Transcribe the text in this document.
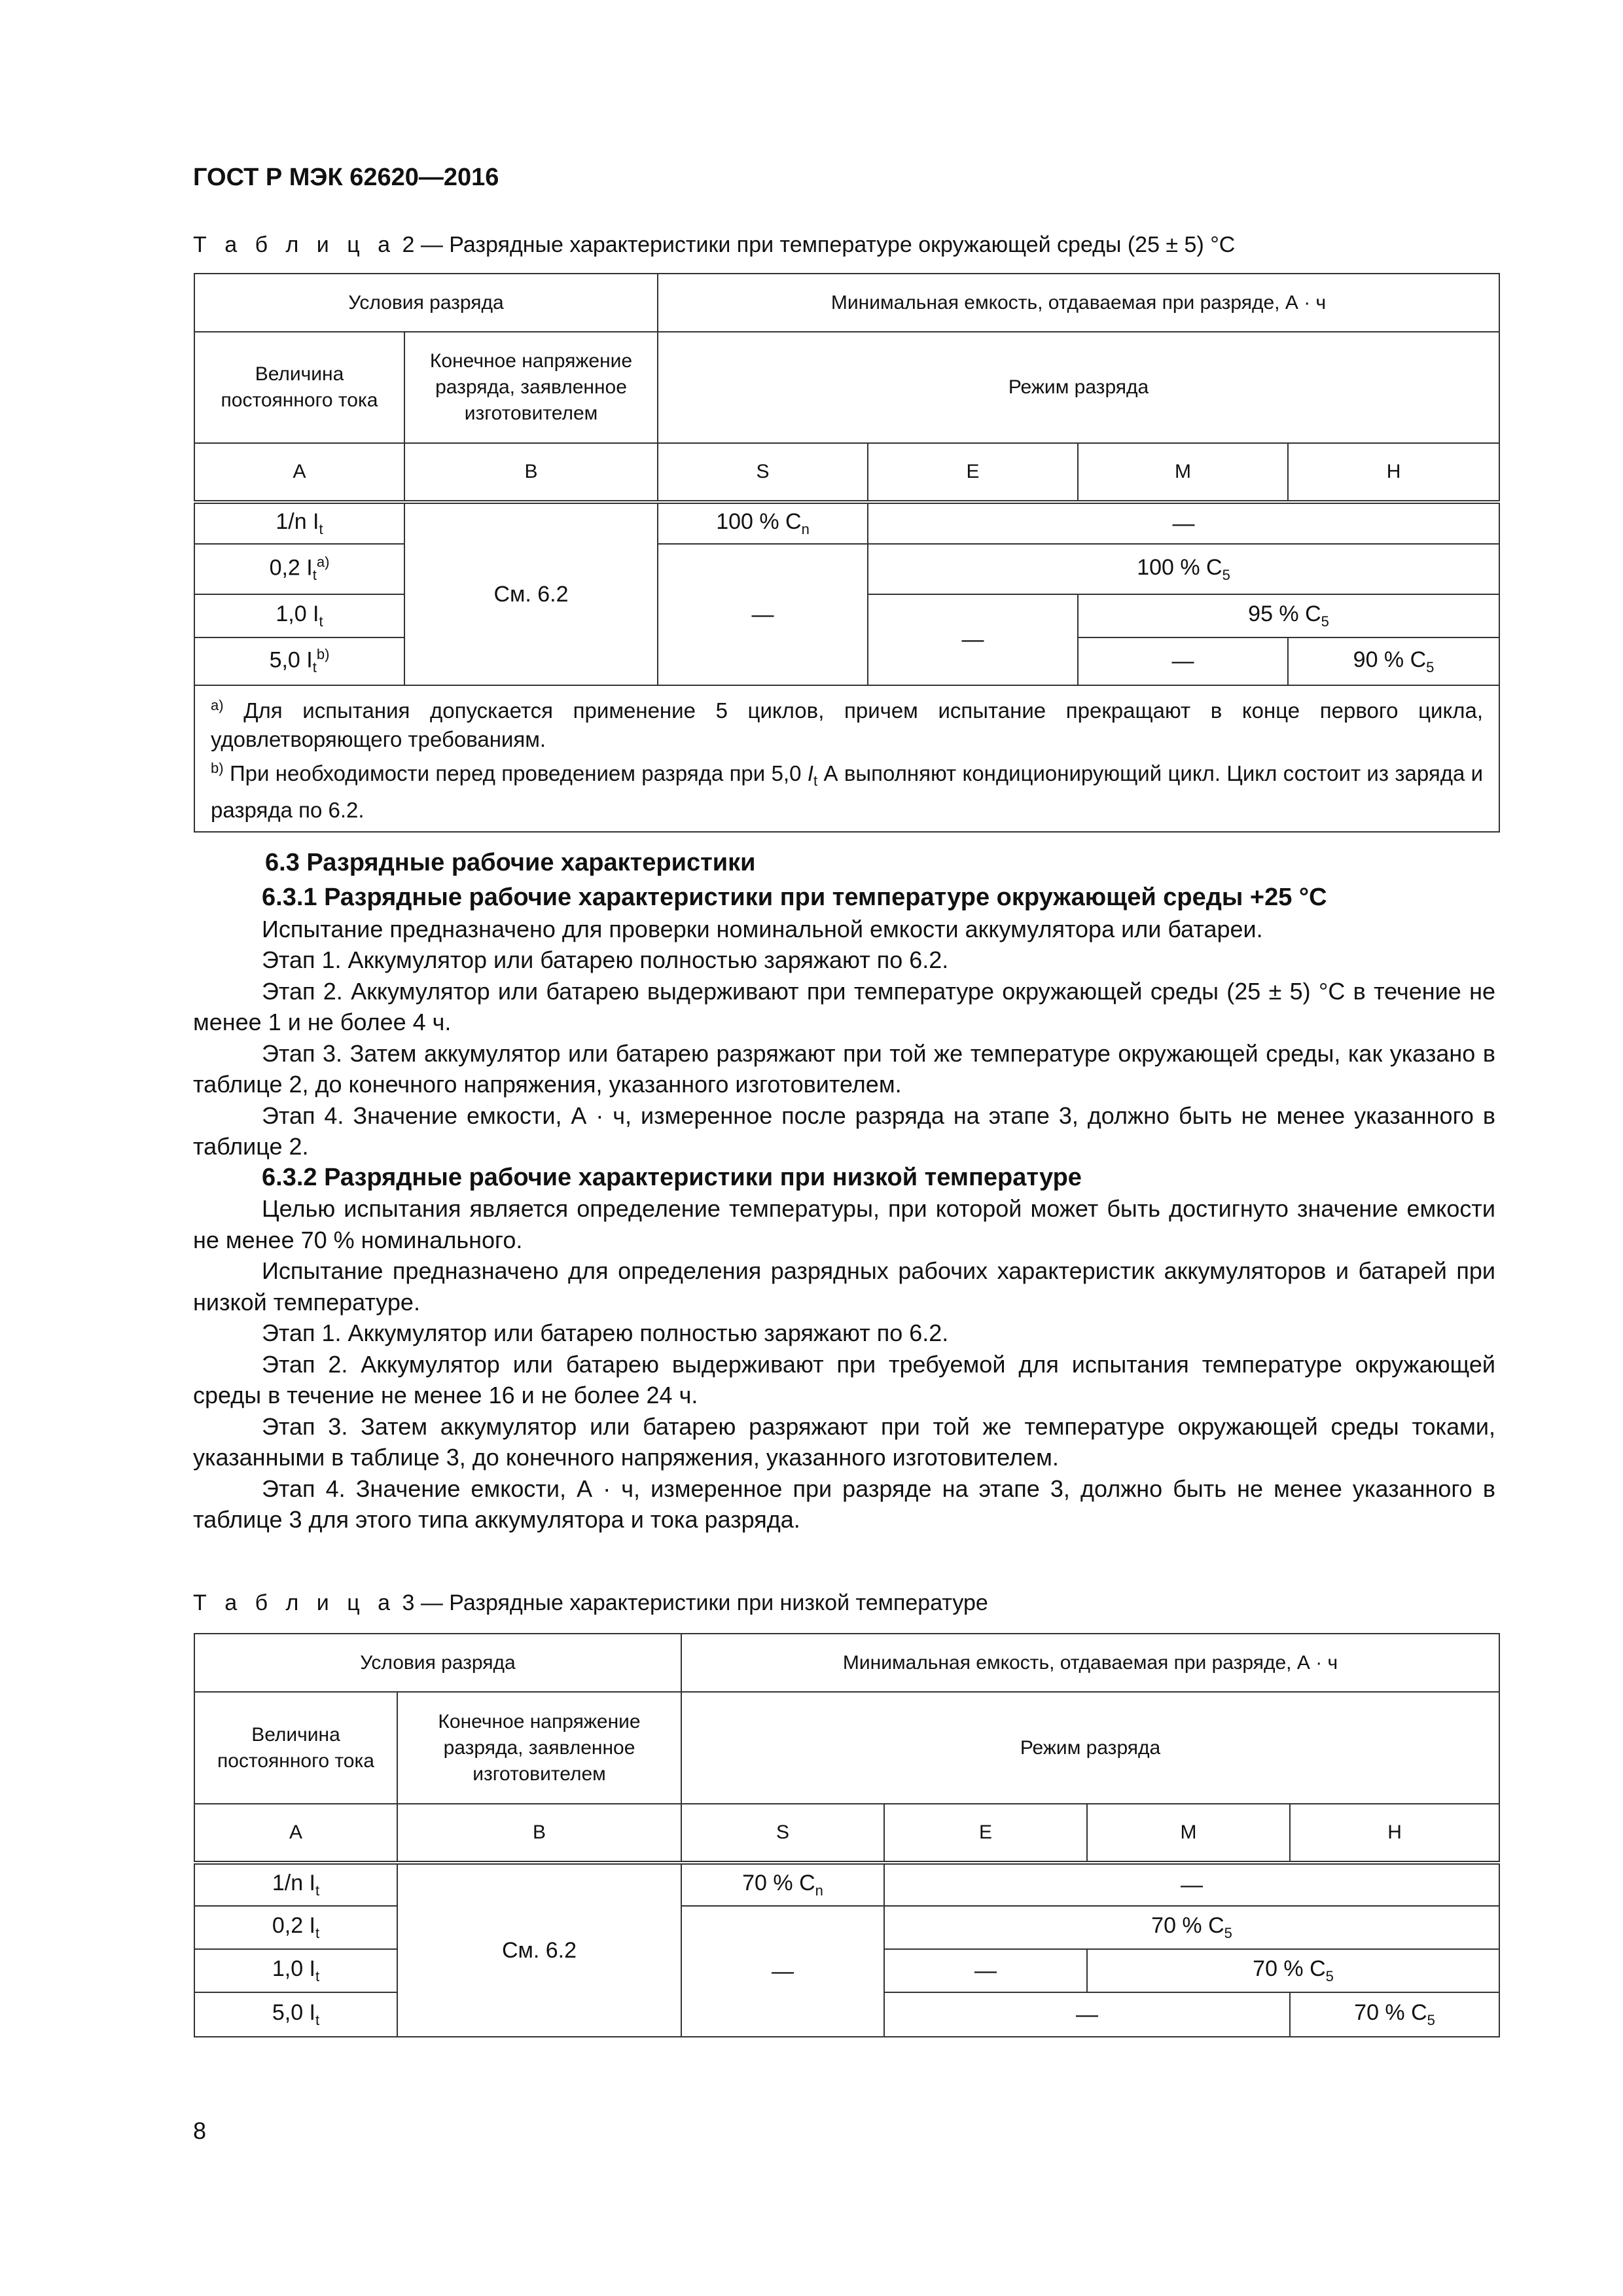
ГОСТ Р МЭК 62620—2016
Т а б л и ц а 2 — Разрядные характеристики при температуре окружающей среды (25 ± 5) °С
Условия разряда		Минимальная емкость, отдаваемая при разряде, А · ч			
Величина постоянного тока	Конечное напряжение разряда, заявленное изготовителем	Режим разряда			
A	B	S	E	M	H
1/n $I_t$	См. 6.2	100 % $C_n$	—		
0,2 $I_t^{a)}$		—	100 % $C_5$
1,0 $I_t$			—	95 % $C_5$
5,0 $I_t^{b)}$				—	90 % $C_5$

$^{a)}$ Для испытания допускается применение 5 циклов, причем испытание прекращают в конце первого цикла, удовлетворяющего требованиям.
$^{b)}$ При необходимости перед проведением разряда при 5,0 $I_t$ А выполняют кондиционирующий цикл. Цикл состоит из заряда и разряда по 6.2.					
6.3 Разрядные рабочие характеристики
6.3.1 Разрядные рабочие характеристики при температуре окружающей среды +25 °С

Испытание предназначено для проверки номинальной емкости аккумулятора или батареи.

Этап 1. Аккумулятор или батарею полностью заряжают по 6.2.

Этап 2. Аккумулятор или батарею выдерживают при температуре окружающей среды (25 ± 5) °С в течение не менее 1 и не более 4 ч.

Этап 3. Затем аккумулятор или батарею разряжают при той же температуре окружающей среды, как указано в таблице 2, до конечного напряжения, указанного изготовителем.

Этап 4. Значение емкости, А · ч, измеренное после разряда на этапе 3, должно быть не менее указанного в таблице 2.

6.3.2 Разрядные рабочие характеристики при низкой температуре

Целью испытания является определение температуры, при которой может быть достигнуто значение емкости не менее 70 % номинального.

Испытание предназначено для определения разрядных рабочих характеристик аккумуляторов и батарей при низкой температуре.

Этап 1. Аккумулятор или батарею полностью заряжают по 6.2.

Этап 2. Аккумулятор или батарею выдерживают при требуемой для испытания температуре окружающей среды в течение не менее 16 и не более 24 ч.

Этап 3. Затем аккумулятор или батарею разряжают при той же температуре окружающей среды токами, указанными в таблице 3, до конечного напряжения, указанного изготовителем.

Этап 4. Значение емкости, А · ч, измеренное при разряде на этапе 3, должно быть не менее указанного в таблице 3 для этого типа аккумулятора и тока разряда.

Т а б л и ц а 3 — Разрядные характеристики при низкой температуре
Условия разряда		Минимальная емкость, отдаваемая при разряде, А · ч			
Величина постоянного тока	Конечное напряжение разряда, заявленное изготовителем	Режим разряда			
A	B	S	E	M	H
1/n $I_t$	См. 6.2	70 % $C_n$	—		
0,2 $I_t$		—	70 % $C_5$
1,0 $I_t$			—	70 % $C_5$
5,0 $I_t$			—		70 % $C_5$
8
